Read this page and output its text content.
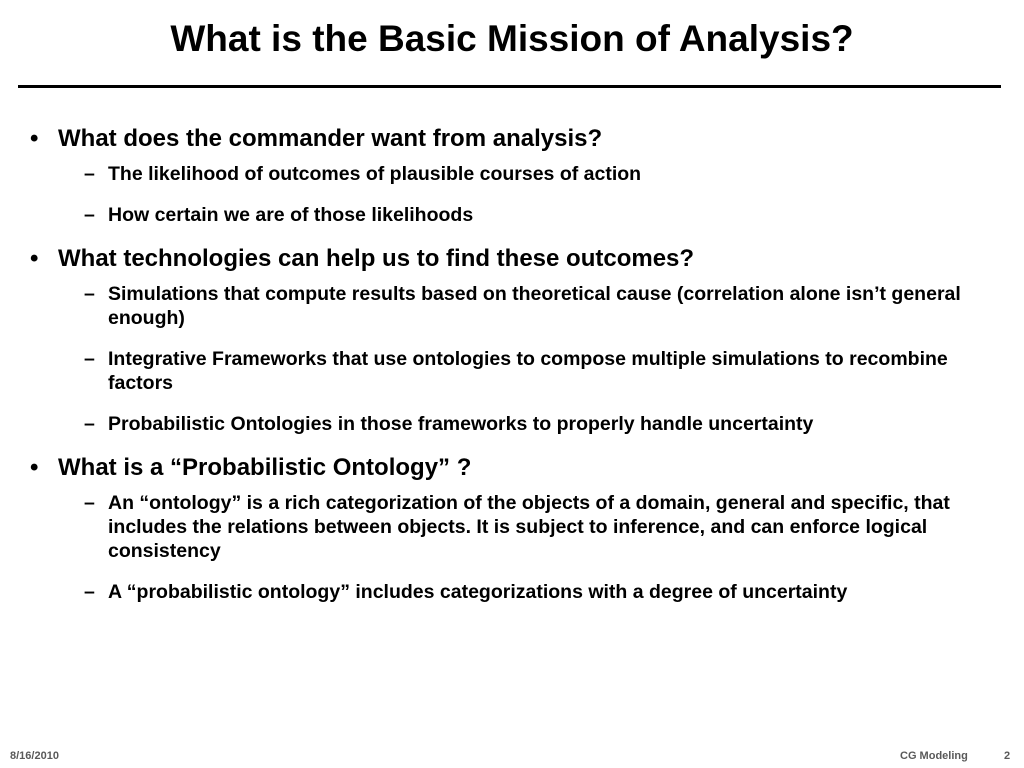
What is the Basic Mission of Analysis?
• What does the commander want from analysis?
– The likelihood of outcomes of plausible courses of action
– How certain we are of those likelihoods
• What technologies can help us to find these outcomes?
– Simulations that compute results based on theoretical cause (correlation alone isn’t general enough)
– Integrative Frameworks that use ontologies to compose multiple simulations to recombine factors
– Probabilistic Ontologies in those frameworks to properly handle uncertainty
• What is a “Probabilistic Ontology” ?
– An “ontology” is a rich categorization of the objects of a domain, general and specific, that includes the relations between objects. It is subject to inference, and can enforce logical consistency
– A “probabilistic ontology” includes categorizations with a degree of uncertainty
8/16/2010	CG Modeling	2
